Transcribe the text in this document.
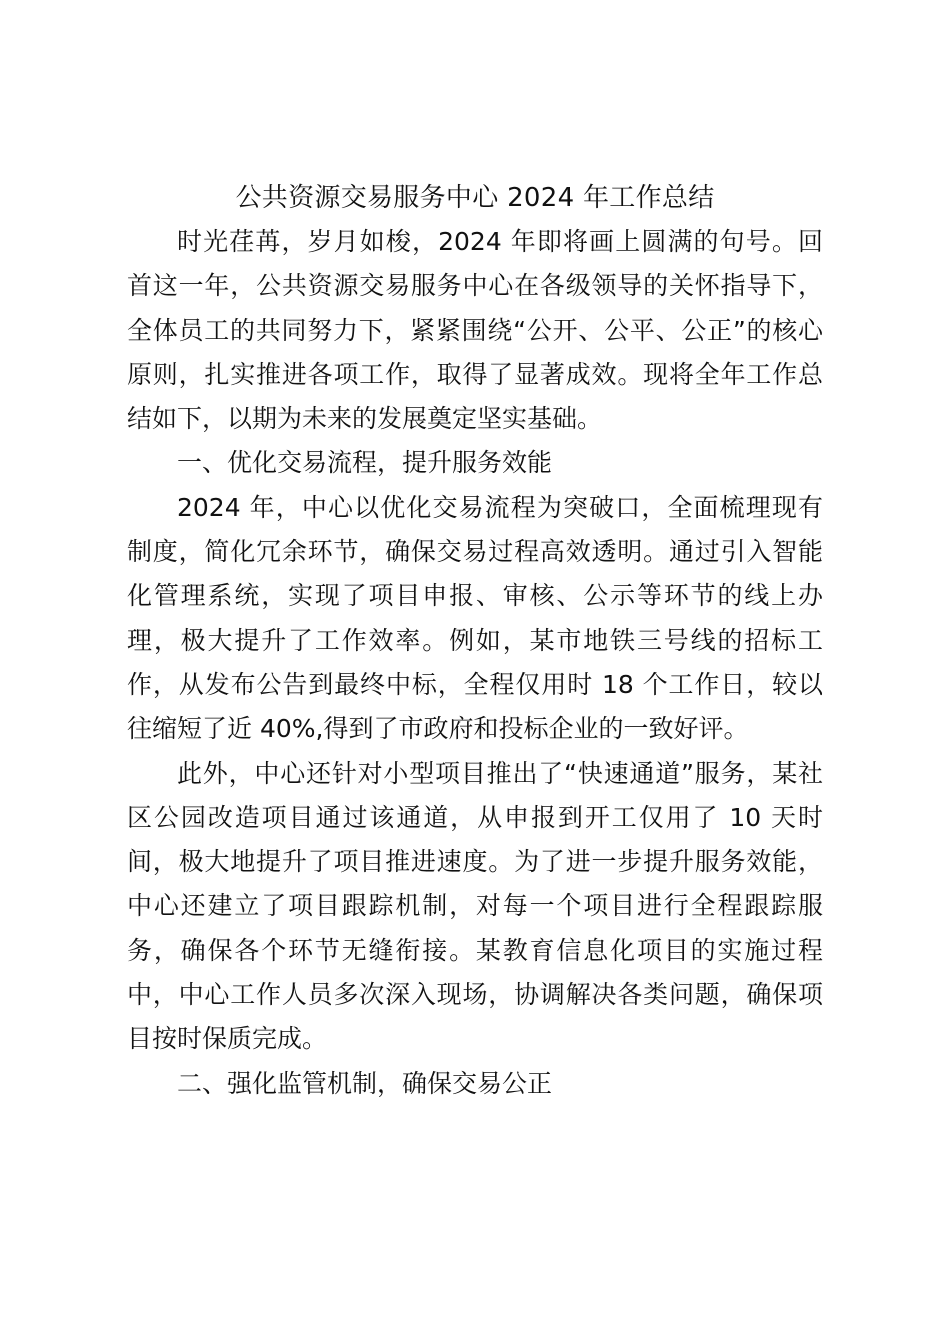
公共资源交易服务中心 2024 年工作总结

时光荏苒，岁月如梭，2024 年即将画上圆满的句号。回首这一年，公共资源交易服务中心在各级领导的关怀指导下，全体员工的共同努力下，紧紧围绕“公开、公平、公正”的核心原则，扎实推进各项工作，取得了显著成效。现将全年工作总结如下，以期为未来的发展奠定坚实基础。

一、优化交易流程，提升服务效能

2024 年，中心以优化交易流程为突破口，全面梳理现有制度，简化冗余环节，确保交易过程高效透明。通过引入智能化管理系统，实现了项目申报、审核、公示等环节的线上办理，极大提升了工作效率。例如，某市地铁三号线的招标工作，从发布公告到最终中标，全程仅用时 18 个工作日，较以往缩短了近 40%,得到了市政府和投标企业的一致好评。

此外，中心还针对小型项目推出了“快速通道”服务，某社区公园改造项目通过该通道，从申报到开工仅用了 10 天时间，极大地提升了项目推进速度。为了进一步提升服务效能，中心还建立了项目跟踪机制，对每一个项目进行全程跟踪服务，确保各个环节无缝衔接。某教育信息化项目的实施过程中，中心工作人员多次深入现场，协调解决各类问题，确保项目按时保质完成。

二、强化监管机制，确保交易公正
